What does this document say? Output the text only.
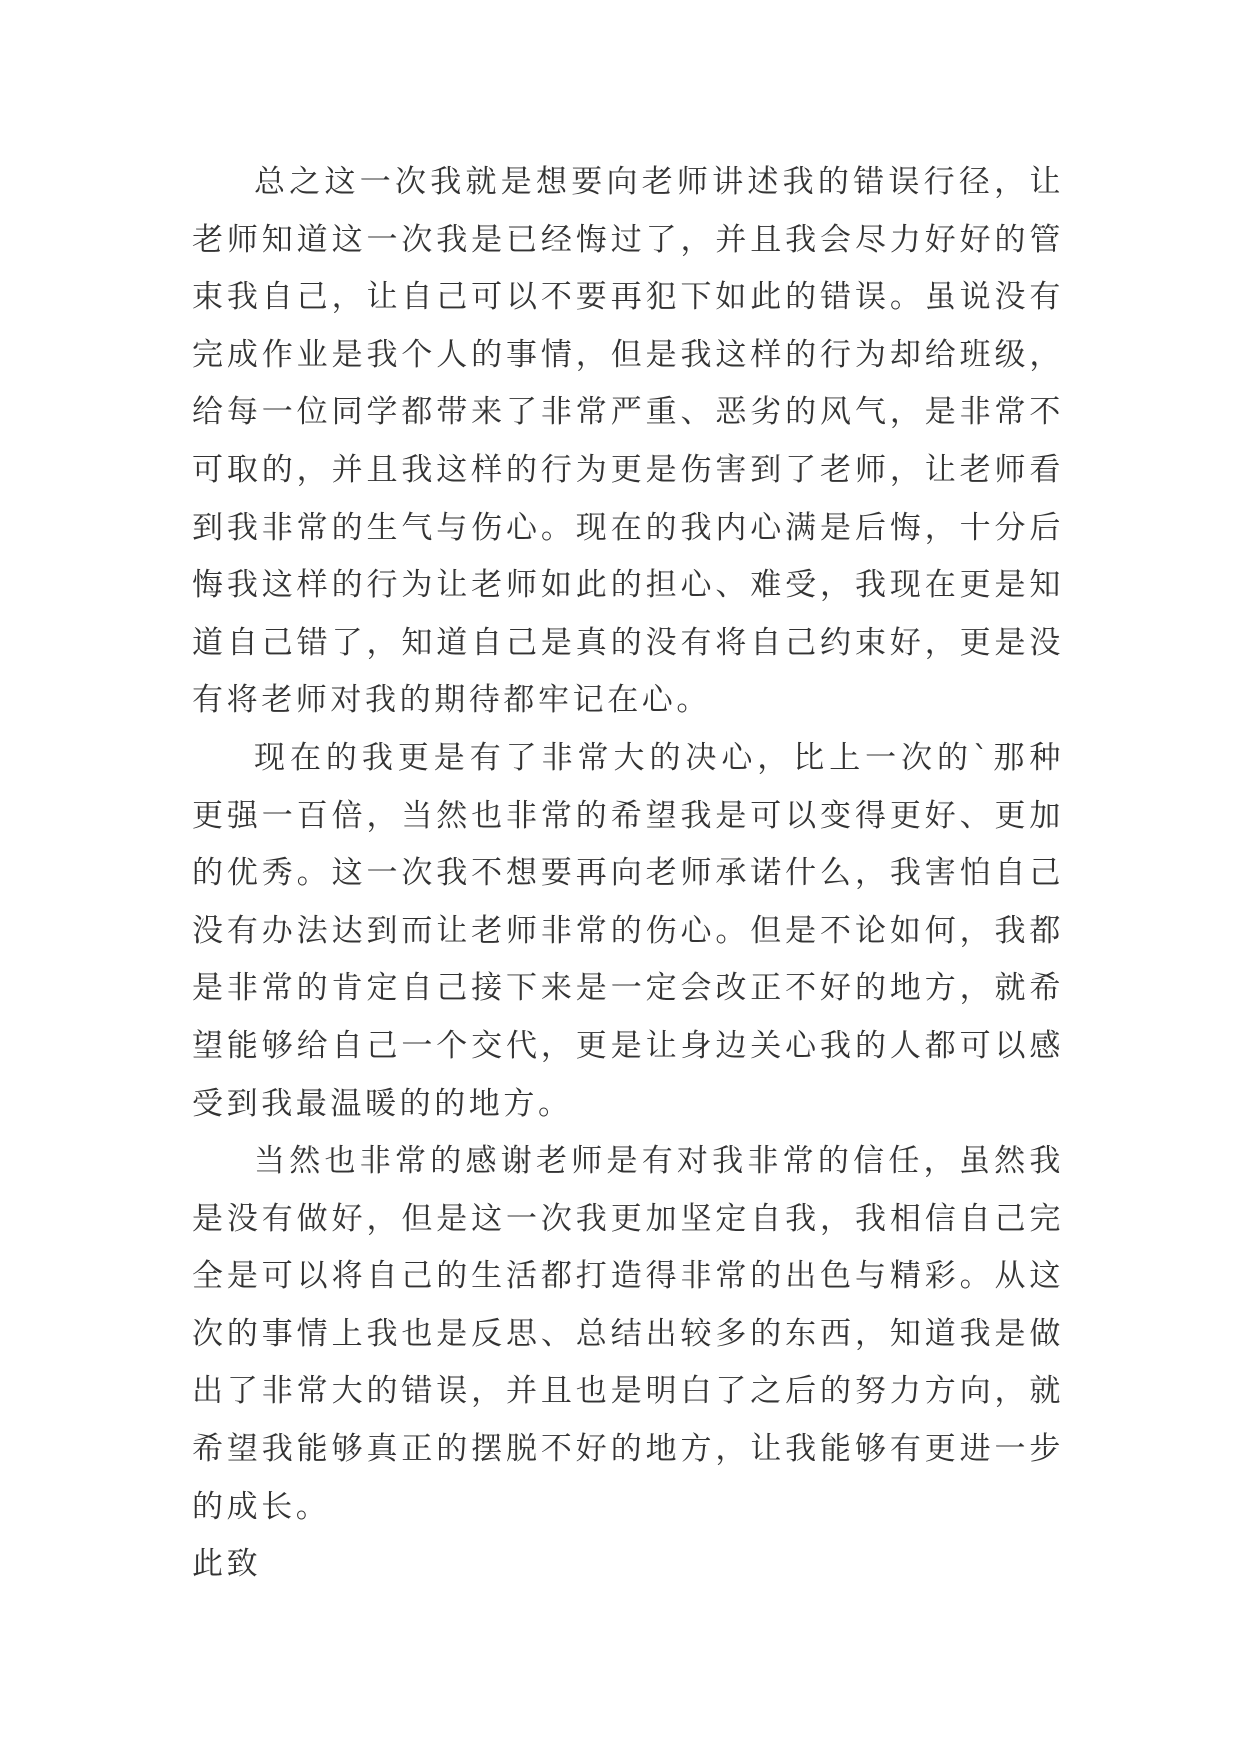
总之这一次我就是想要向老师讲述我的错误行径，让老师知道这一次我是已经悔过了，并且我会尽力好好的管束我自己，让自己可以不要再犯下如此的错误。虽说没有完成作业是我个人的事情，但是我这样的行为却给班级，给每一位同学都带来了非常严重、恶劣的风气，是非常不可取的，并且我这样的行为更是伤害到了老师，让老师看到我非常的生气与伤心。现在的我内心满是后悔，十分后悔我这样的行为让老师如此的担心、难受，我现在更是知道自己错了，知道自己是真的没有将自己约束好，更是没有将老师对我的期待都牢记在心。

现在的我更是有了非常大的决心，比上一次的`那种更强一百倍，当然也非常的希望我是可以变得更好、更加的优秀。这一次我不想要再向老师承诺什么，我害怕自己没有办法达到而让老师非常的伤心。但是不论如何，我都是非常的肯定自己接下来是一定会改正不好的地方，就希望能够给自己一个交代，更是让身边关心我的人都可以感受到我最温暖的的地方。

当然也非常的感谢老师是有对我非常的信任，虽然我是没有做好，但是这一次我更加坚定自我，我相信自己完全是可以将自己的生活都打造得非常的出色与精彩。从这次的事情上我也是反思、总结出较多的东西，知道我是做出了非常大的错误，并且也是明白了之后的努力方向，就希望我能够真正的摆脱不好的地方，让我能够有更进一步的成长。

此致
